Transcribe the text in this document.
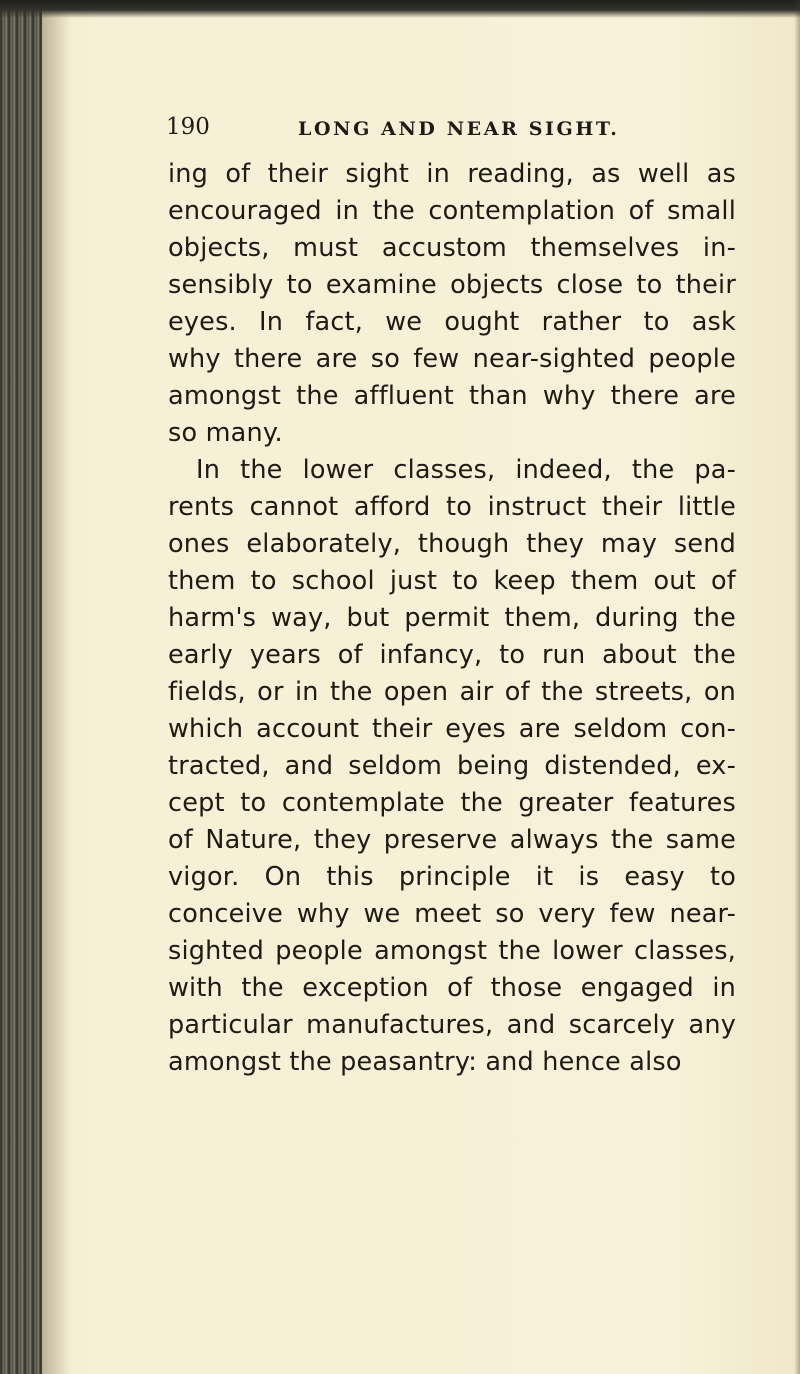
190	LONG AND NEAR SIGHT.
ing of their sight in reading, as well as
encouraged in the contemplation of small
objects, must accustom themselves in-
sensibly to examine objects close to their
eyes. In fact, we ought rather to ask
why there are so few near-sighted people
amongst the affluent than why there are
so many.
In the lower classes, indeed, the pa-
rents cannot afford to instruct their little
ones elaborately, though they may send
them to school just to keep them out of
harm's way, but permit them, during the
early years of infancy, to run about the
fields, or in the open air of the streets, on
which account their eyes are seldom con-
tracted, and seldom being distended, ex-
cept to contemplate the greater features
of Nature, they preserve always the same
vigor. On this principle it is easy to
conceive why we meet so very few near-
sighted people amongst the lower classes,
with the exception of those engaged in
particular manufactures, and scarcely any
amongst the peasantry: and hence also
